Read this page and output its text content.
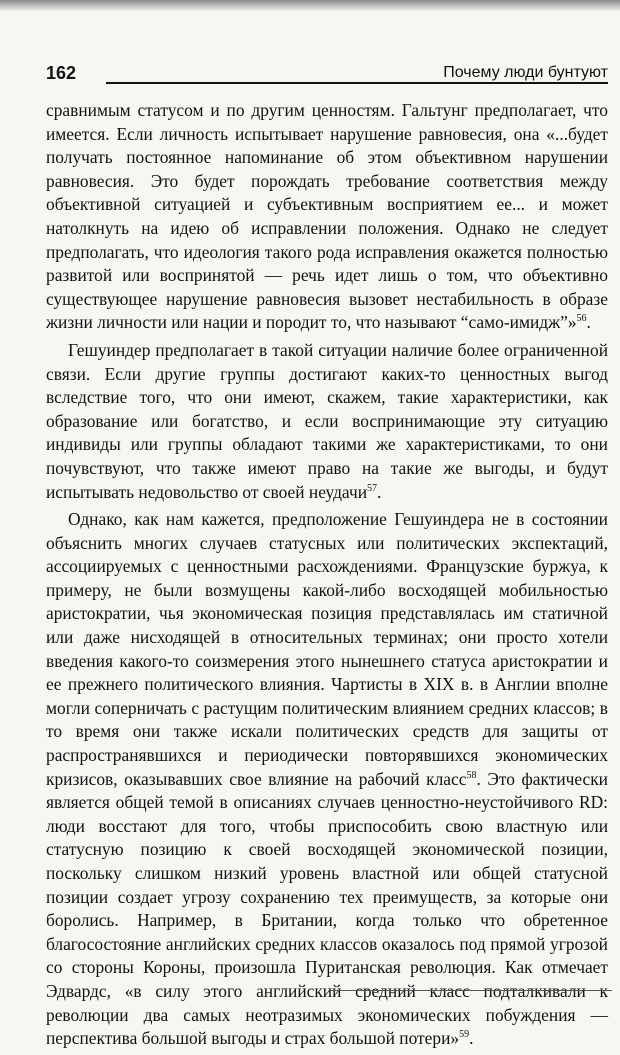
162	Почему люди бунтуют

сравнимым статусом и по другим ценностям. Гальтунг предполагает, что имеется. Если личность испытывает нарушение равновесия, она «...будет получать постоянное напоминание об этом объективном нарушении равновесия. Это будет порождать требование соответствия между объективной ситуацией и субъективным восприятием ее... и может натолкнуть на идею об исправлении положения. Однако не следует предполагать, что идеология такого рода исправления окажется полностью развитой или воспринятой — речь идет лишь о том, что объективно существующее нарушение равновесия вызовет нестабильность в образе жизни личности или нации и породит то, что называют “само-имидж”»$^{56}$.

Гешуиндер предполагает в такой ситуации наличие более ограниченной связи. Если другие группы достигают каких-то ценностных выгод вследствие того, что они имеют, скажем, такие характеристики, как образование или богатство, и если воспринимающие эту ситуацию индивиды или группы обладают такими же характеристиками, то они почувствуют, что также имеют право на такие же выгоды, и будут испытывать недовольство от своей неудачи$^{57}$.

Однако, как нам кажется, предположение Гешуиндера не в состоянии объяснить многих случаев статусных или политических экспектаций, ассоциируемых с ценностными расхождениями. Французские буржуа, к примеру, не были возмущены какой-либо восходящей мобильностью аристократии, чья экономическая позиция представлялась им статичной или даже нисходящей в относительных терминах; они просто хотели введения какого-то соизмерения этого нынешнего статуса аристократии и ее прежнего политического влияния. Чартисты в XIX в. в Англии вполне могли соперничать с растущим политическим влиянием средних классов; в то время они также искали политических средств для защиты от распространявшихся и периодически повторявшихся экономических кризисов, оказывавших свое влияние на рабочий класс$^{58}$. Это фактически является общей темой в описаниях случаев ценностно-неустойчивого RD: люди восстают для того, чтобы приспособить свою властную или статусную позицию к своей восходящей экономической позиции, поскольку слишком низкий уровень властной или общей статусной позиции создает угрозу сохранению тех преимуществ, за которые они боролись. Например, в Британии, когда только что обретенное благосостояние английских средних классов оказалось под прямой угрозой со стороны Короны, произошла Пуританская революция. Как отмечает Эдвардс, «в силу этого английский средний класс подталкивали к революции два самых неотразимых экономических побуждения — перспектива большой выгоды и страх большой потери»$^{59}$.
